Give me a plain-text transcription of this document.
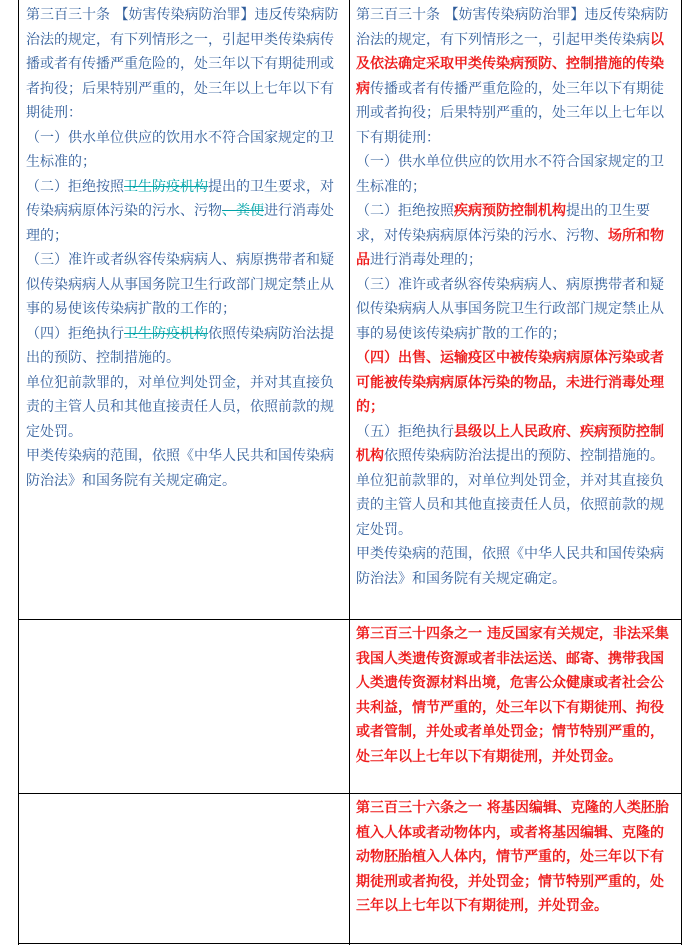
第三百三十条 【妨害传染病防治罪】违反传染病防治法的规定，有下列情形之一，引起甲类传染病传播或者有传播严重危险的，处三年以下有期徒刑或者拘役；后果特别严重的，处三年以上七年以下有期徒刑：

（一）供水单位供应的饮用水不符合国家规定的卫生标准的；

（二）拒绝按照卫生防疫机构提出的卫生要求，对传染病病原体污染的污水、污物、粪便进行消毒处理的；

（三）准许或者纵容传染病病人、病原携带者和疑似传染病病人从事国务院卫生行政部门规定禁止从事的易使该传染病扩散的工作的；

（四）拒绝执行卫生防疫机构依照传染病防治法提出的预防、控制措施的。

单位犯前款罪的，对单位判处罚金，并对其直接负责的主管人员和其他直接责任人员，依照前款的规定处罚。

甲类传染病的范围，依照《中华人民共和国传染病防治法》和国务院有关规定确定。

第三百三十条 【妨害传染病防治罪】违反传染病防治法的规定，有下列情形之一，引起甲类传染病以及依法确定采取甲类传染病预防、控制措施的传染病传播或者有传播严重危险的，处三年以下有期徒刑或者拘役；后果特别严重的，处三年以上七年以下有期徒刑：

（一）供水单位供应的饮用水不符合国家规定的卫生标准的；

（二）拒绝按照疾病预防控制机构提出的卫生要求，对传染病病原体污染的污水、污物、场所和物品进行消毒处理的；

（三）准许或者纵容传染病病人、病原携带者和疑似传染病病人从事国务院卫生行政部门规定禁止从事的易使该传染病扩散的工作的；

（四）出售、运输疫区中被传染病病原体污染或者可能被传染病病原体污染的物品，未进行消毒处理的；

（五）拒绝执行县级以上人民政府、疾病预防控制机构依照传染病防治法提出的预防、控制措施的。

单位犯前款罪的，对单位判处罚金，并对其直接负责的主管人员和其他直接责任人员，依照前款的规定处罚。

甲类传染病的范围，依照《中华人民共和国传染病防治法》和国务院有关规定确定。

第三百三十四条之一 违反国家有关规定，非法采集我国人类遗传资源或者非法运送、邮寄、携带我国人类遗传资源材料出境，危害公众健康或者社会公共利益，情节严重的，处三年以下有期徒刑、拘役或者管制，并处或者单处罚金；情节特别严重的，处三年以上七年以下有期徒刑，并处罚金。

第三百三十六条之一 将基因编辑、克隆的人类胚胎植入人体或者动物体内，或者将基因编辑、克隆的动物胚胎植入人体内，情节严重的，处三年以下有期徒刑或者拘役，并处罚金；情节特别严重的，处三年以上七年以下有期徒刑，并处罚金。
